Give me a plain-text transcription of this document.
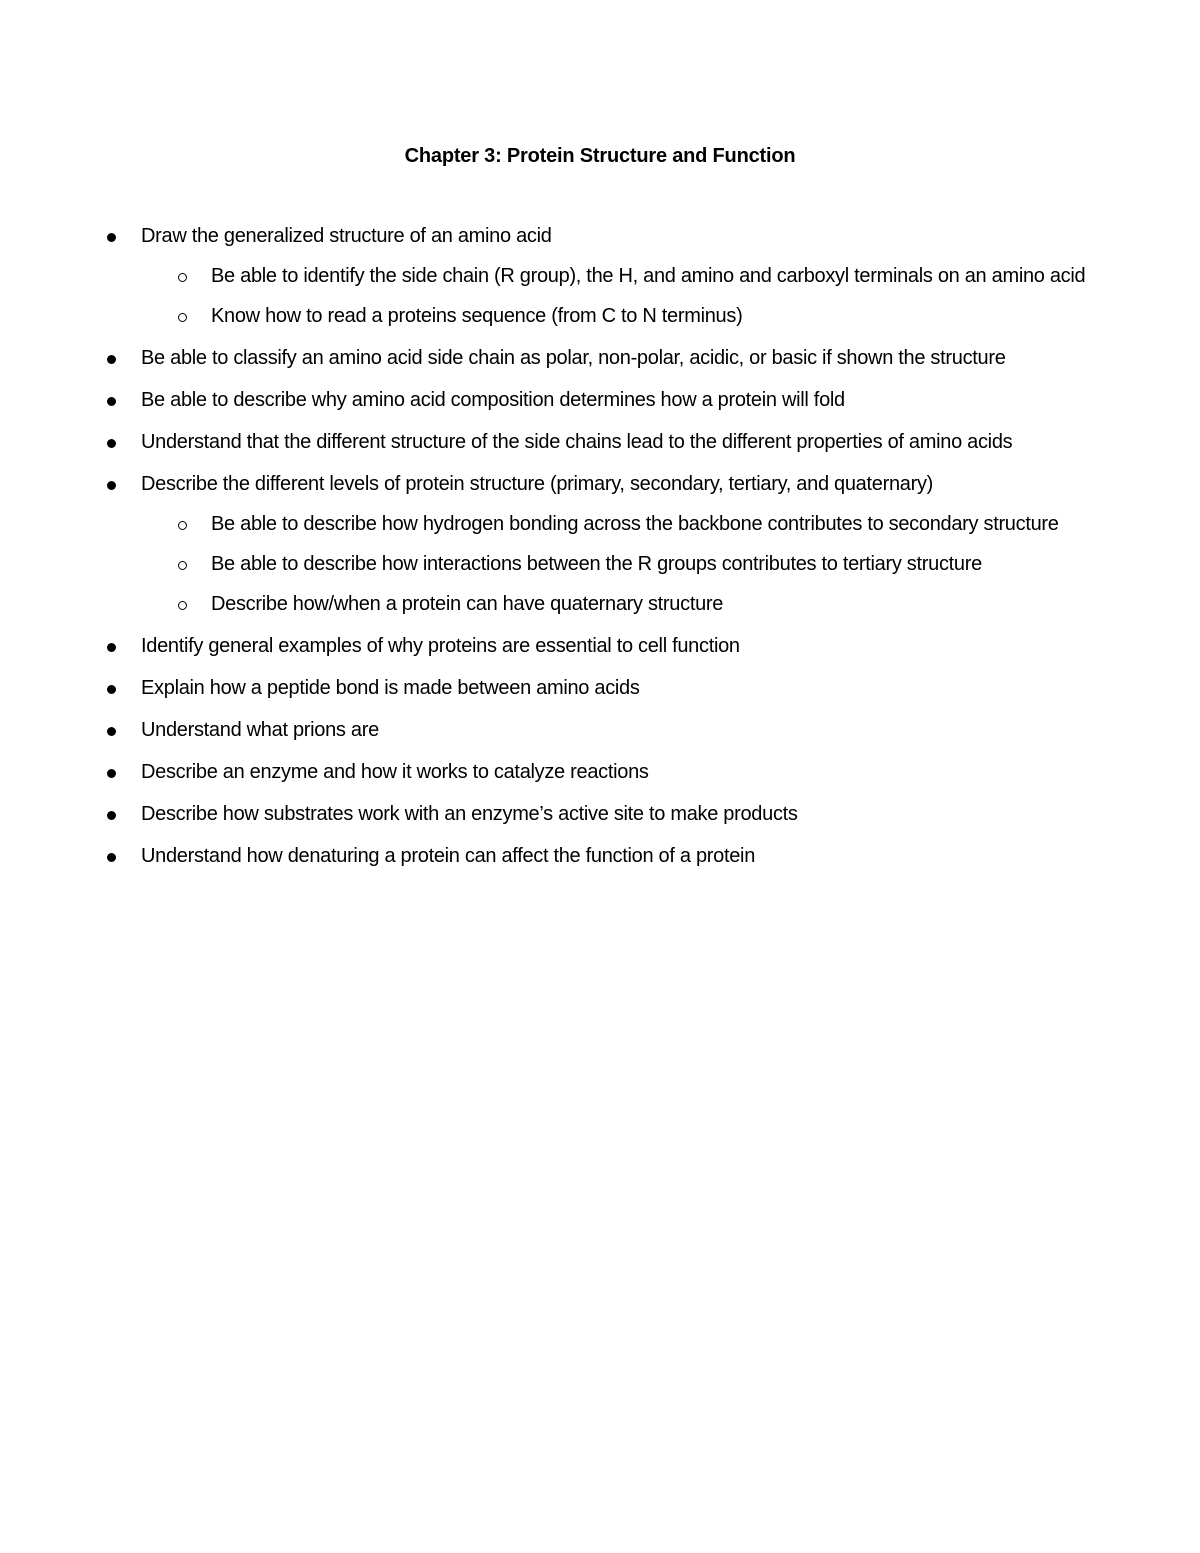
Chapter 3: Protein Structure and Function
Draw the generalized structure of an amino acid
Be able to identify the side chain (R group), the H, and amino and carboxyl terminals on an amino acid
Know how to read a proteins sequence (from C to N terminus)
Be able to classify an amino acid side chain as polar, non-polar, acidic, or basic if shown the structure
Be able to describe why amino acid composition determines how a protein will fold
Understand that the different structure of the side chains lead to the different properties of amino acids
Describe the different levels of protein structure (primary, secondary, tertiary, and quaternary)
Be able to describe how hydrogen bonding across the backbone contributes to secondary structure
Be able to describe how interactions between the R groups contributes to tertiary structure
Describe how/when a protein can have quaternary structure
Identify general examples of why proteins are essential to cell function
Explain how a peptide bond is made between amino acids
Understand what prions are
Describe an enzyme and how it works to catalyze reactions
Describe how substrates work with an enzyme’s active site to make products
Understand how denaturing a protein can affect the function of a protein
